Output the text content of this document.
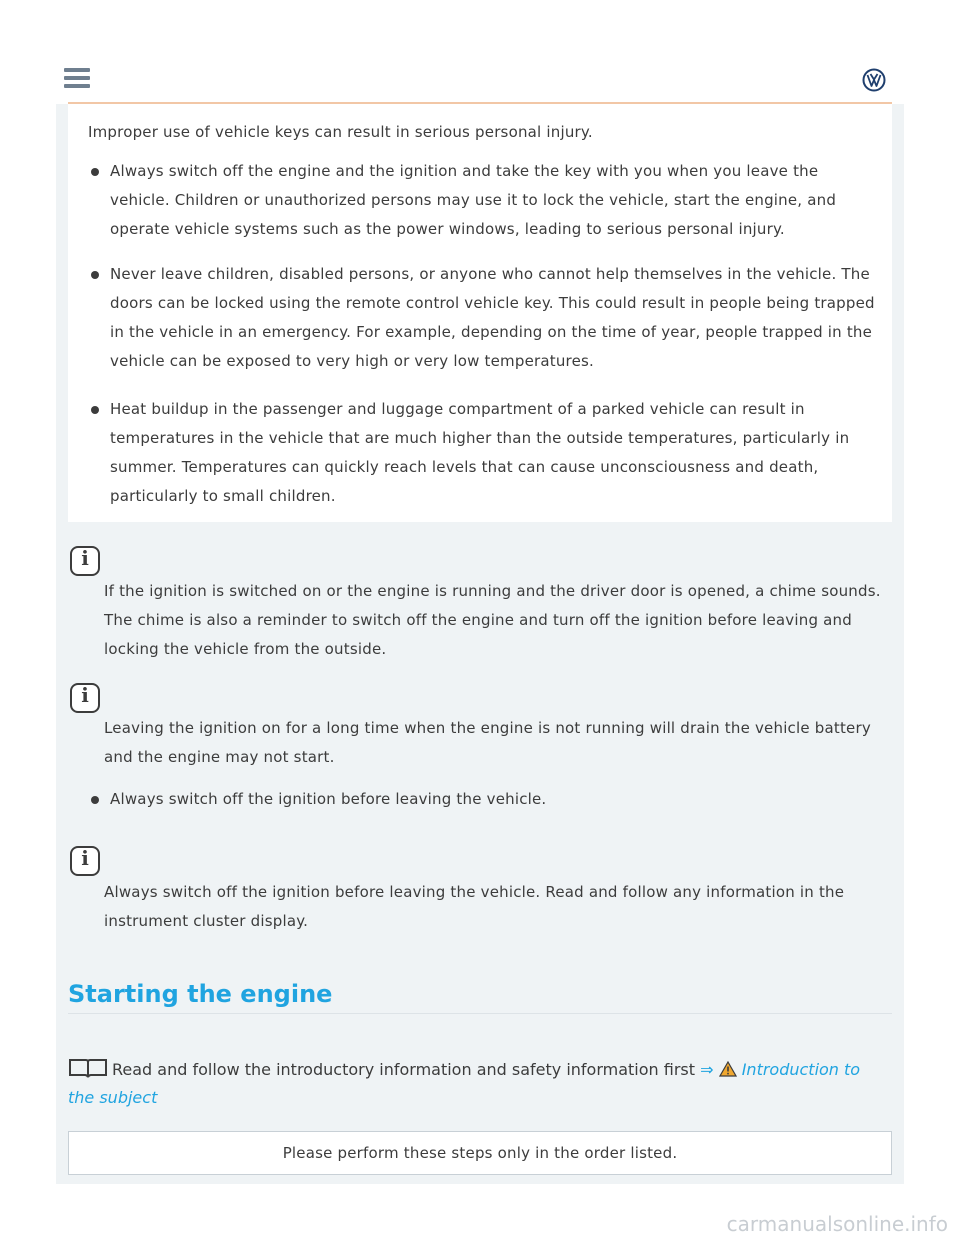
Improper use of vehicle keys can result in serious personal injury.
Always switch off the engine and the ignition and take the key with you when you leave the vehicle. Children or unauthorized persons may use it to lock the vehicle, start the engine, and operate vehicle systems such as the power windows, leading to serious personal injury.
Never leave children, disabled persons, or anyone who cannot help themselves in the vehicle. The doors can be locked using the remote control vehicle key. This could result in people being trapped in the vehicle in an emergency. For example, depending on the time of year, people trapped in the vehicle can be exposed to very high or very low temperatures.
Heat buildup in the passenger and luggage compartment of a parked vehicle can result in temperatures in the vehicle that are much higher than the outside temperatures, particularly in summer. Temperatures can quickly reach levels that can cause unconsciousness and death, particularly to small children.
i
If the ignition is switched on or the engine is running and the driver door is opened, a chime sounds. The chime is also a reminder to switch off the engine and turn off the ignition before leaving and locking the vehicle from the outside.
i
Leaving the ignition on for a long time when the engine is not running will drain the vehicle battery and the engine may not start.
Always switch off the ignition before leaving the vehicle.
i
Always switch off the ignition before leaving the vehicle. Read and follow any information in the instrument cluster display.
Starting the engine
Read and follow the introductory information and safety information first ⇒ Introduction to the subject
Please perform these steps only in the order listed.
carmanualsonline.info
